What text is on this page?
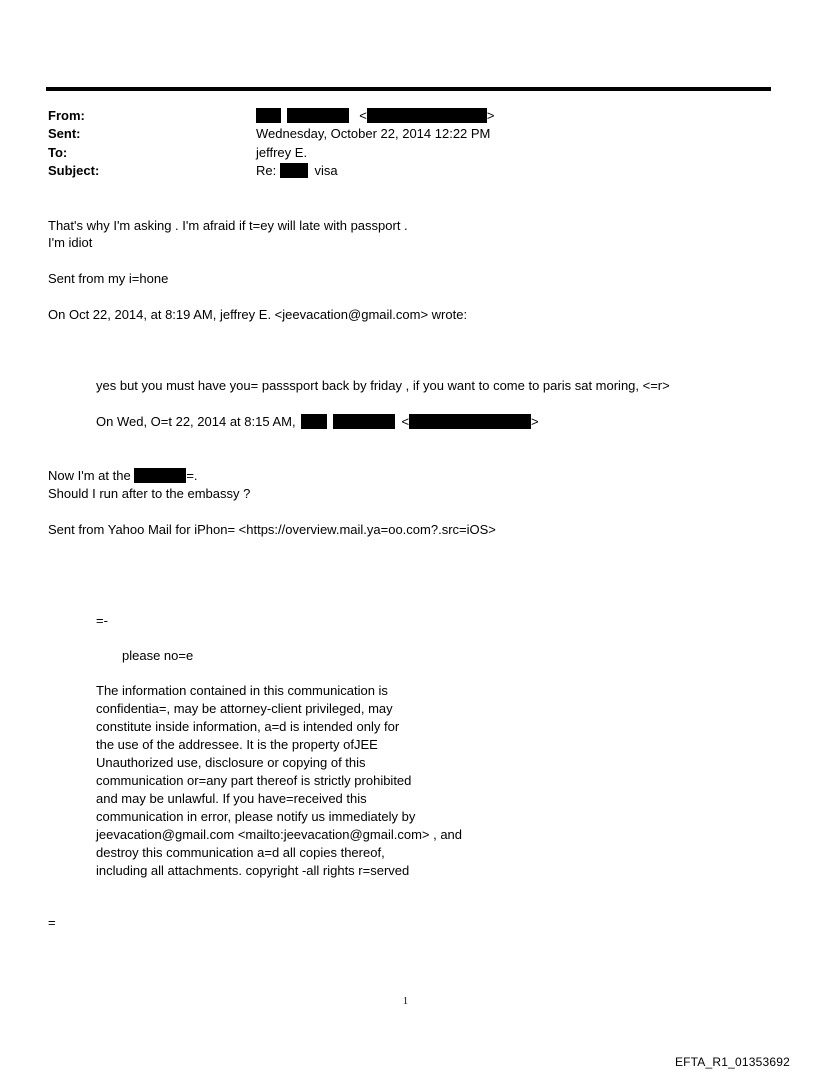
From:	<	>
Sent:	Wednesday, October 22, 2014 12:22 PM
To:	jeffrey E.
Subject:	Re:	visa
That's why I'm asking . I'm afraid if t=ey will late with passport .
I'm idiot
Sent from my i=hone
On Oct 22, 2014, at 8:19 AM, jeffrey E. <jeevacation@gmail.com> wrote:
yes but you must have you= passsport back by friday , if you want to come to paris sat moring, <=r>
On Wed, O=t 22, 2014 at 8:15 AM,	<	>
Now I'm at the	=.
Should I run after to the embassy ?
Sent from Yahoo Mail for iPhon= <https://overview.mail.ya=oo.com?.src=iOS>
=-
please no=e
The information contained in this communication is
confidentia=, may be attorney-client privileged, may
constitute inside information, a=d is intended only for
the use of the addressee. It is the property ofJEE
Unauthorized use, disclosure or copying of this
communication or=any part thereof is strictly prohibited
and may be unlawful. If you have=received this
communication in error, please notify us immediately by
jeevacation@gmail.com <mailto:jeevacation@gmail.com> , and
destroy this communication a=d all copies thereof,
including all attachments. copyright -all rights r=served
=
1
EFTA_R1_01353692
